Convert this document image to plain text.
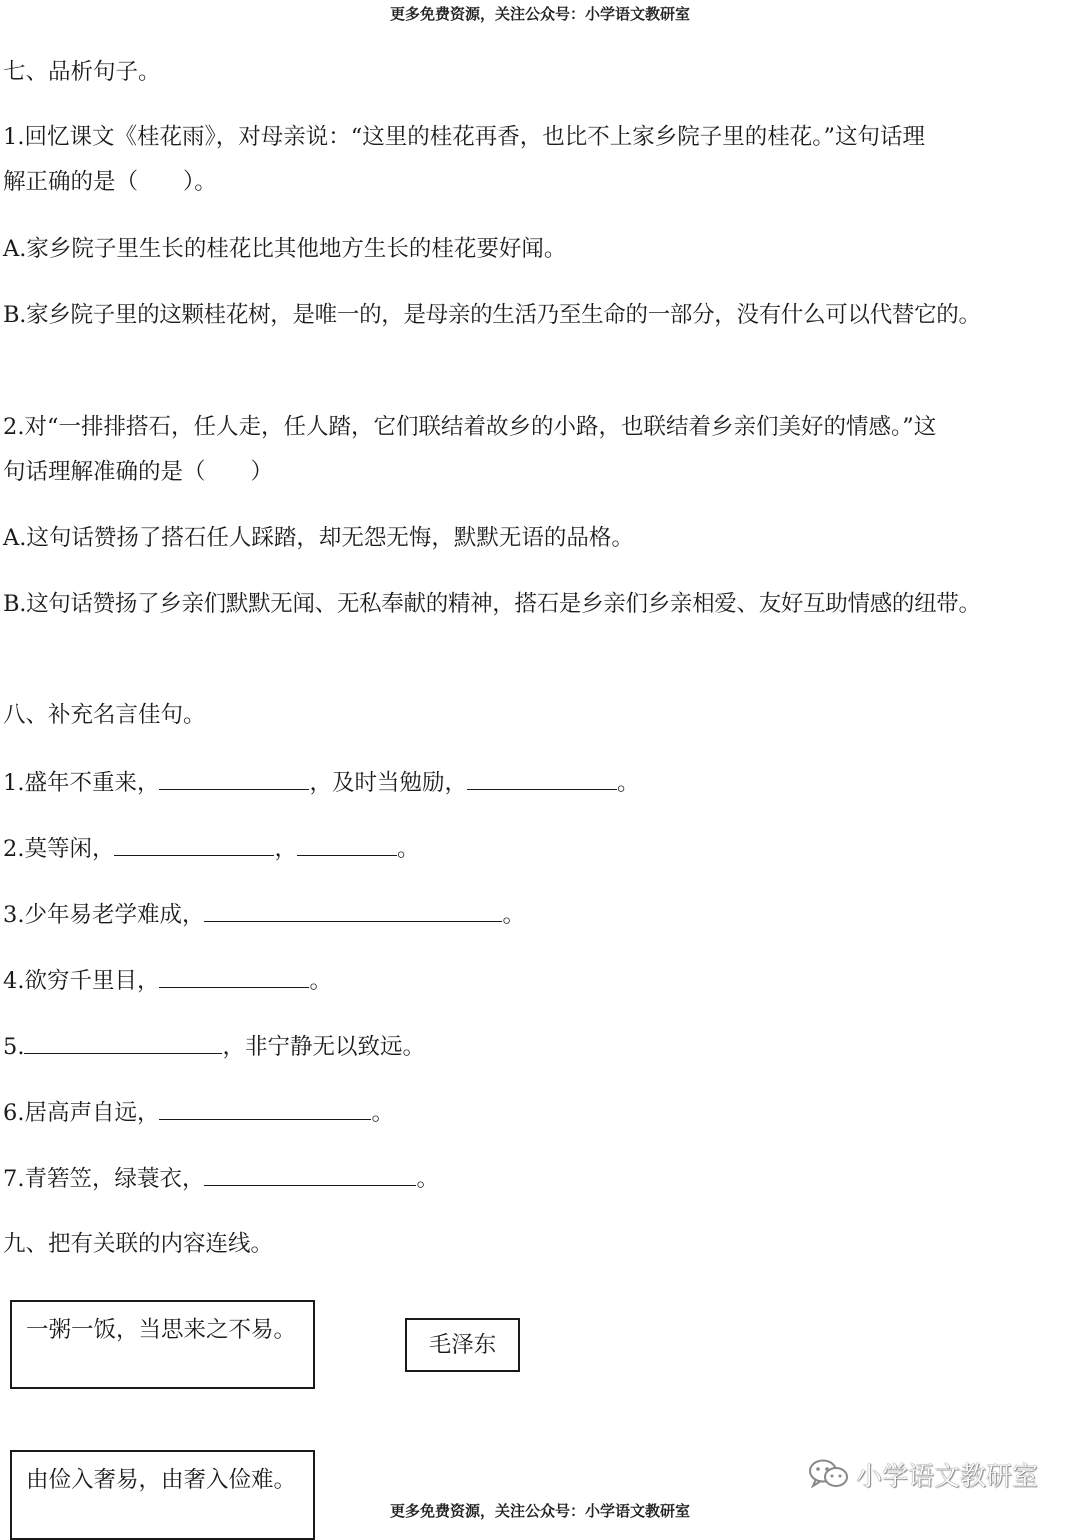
更多免费资源，关注公众号：小学语文教研室
七、品析句子。
1.回忆课文《桂花雨》，对母亲说：“这里的桂花再香，也比不上家乡院子里的桂花。”这句话理
解正确的是（　　）。
A.家乡院子里生长的桂花比其他地方生长的桂花要好闻。
B.家乡院子里的这颗桂花树，是唯一的，是母亲的生活乃至生命的一部分，没有什么可以代替它的。
2.对“一排排搭石，任人走，任人踏，它们联结着故乡的小路，也联结着乡亲们美好的情感。”这
句话理解准确的是（　　）
A.这句话赞扬了搭石任人踩踏，却无怨无悔，默默无语的品格。
B.这句话赞扬了乡亲们默默无闻、无私奉献的精神，搭石是乡亲们乡亲相爱、友好互助情感的纽带。
八、补充名言佳句。
1.盛年不重来，	，及时当勉励，	。
2.莫等闲，	，	。
3.少年易老学难成，	。
4.欲穷千里目，	。
5.	，非宁静无以致远。
6.居高声自远，	。
7.青箬笠，绿蓑衣，	。
九、把有关联的内容连线。
一粥一饭，当思来之不易。
毛泽东
由俭入奢易，由奢入俭难。	小学语文教研室
更多免费资源，关注公众号：小学语文教研室
